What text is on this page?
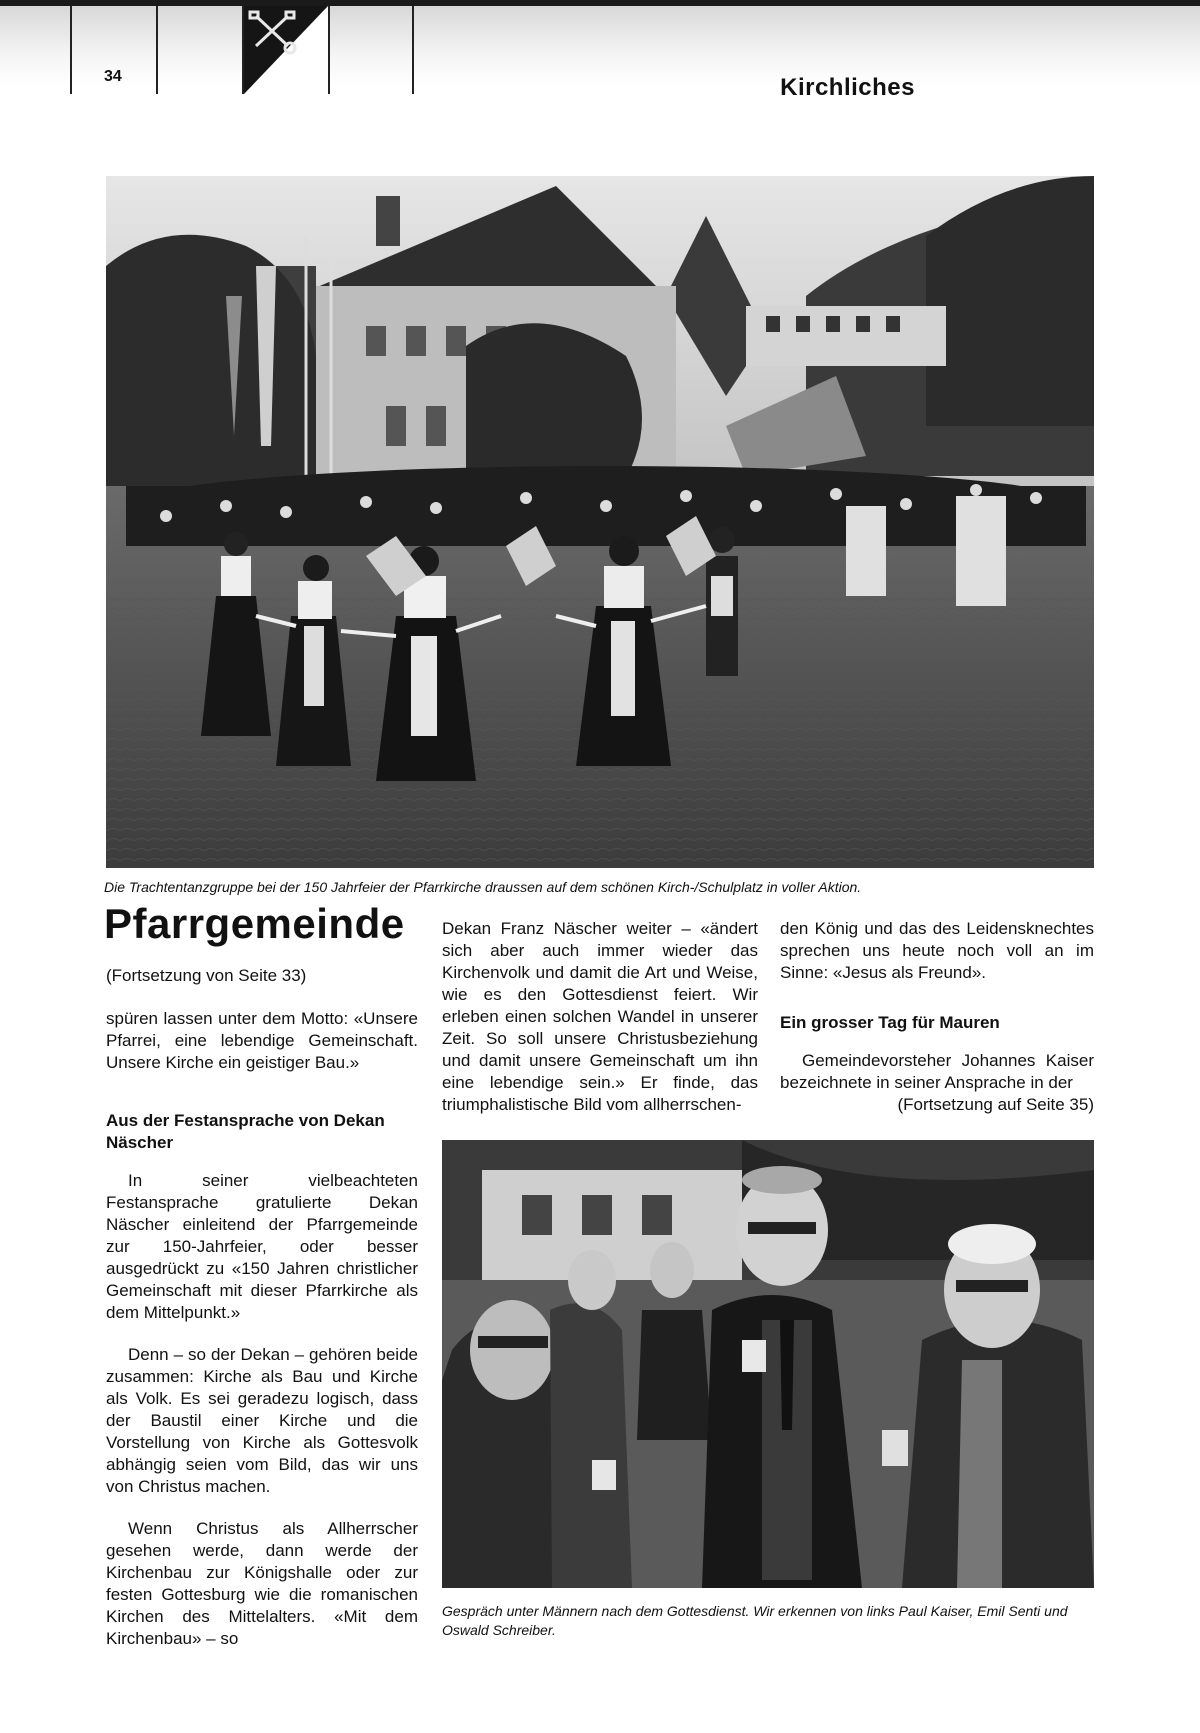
34	Kirchliches
Die Trachtentanzgruppe bei der 150 Jahrfeier der Pfarrkirche draussen auf dem schönen Kirch-/Schulplatz in voller Aktion.
Pfarrgemeinde
(Fortsetzung von Seite 33)

spüren lassen unter dem Motto: «Unsere Pfarrei, eine lebendige Gemeinschaft. Unsere Kirche ein geistiger Bau.»

Aus der Festansprache von Dekan Näscher

In seiner vielbeachteten Festansprache gratulierte Dekan Näscher einleitend der Pfarrgemeinde zur 150-Jahrfeier, oder besser ausgedrückt zu «150 Jahren christlicher Gemeinschaft mit dieser Pfarrkirche als dem Mittelpunkt.»

Denn – so der Dekan – gehören beide zusammen: Kirche als Bau und Kirche als Volk. Es sei geradezu logisch, dass der Baustil einer Kirche und die Vorstellung von Kirche als Gottesvolk abhängig seien vom Bild, das wir uns von Christus machen.

Wenn Christus als Allherrscher gesehen werde, dann werde der Kirchenbau zur Königshalle oder zur festen Gottesburg wie die romanischen Kirchen des Mittelalters. «Mit dem Kirchenbau» – so

Dekan Franz Näscher weiter – «ändert sich aber auch immer wieder das Kirchenvolk und damit die Art und Weise, wie es den Gottesdienst feiert. Wir erleben einen solchen Wandel in unserer Zeit. So soll unsere Christusbeziehung und damit unsere Gemeinschaft um ihn eine lebendige sein.» Er finde, das triumphalistische Bild vom allherrschen-

den König und das des Leidensknechtes sprechen uns heute noch voll an im Sinne: «Jesus als Freund».

Ein grosser Tag für Mauren

Gemeindevorsteher Johannes Kaiser bezeichnete in seiner Ansprache in der

(Fortsetzung auf Seite 35)
Gespräch unter Männern nach dem Gottesdienst. Wir erkennen von links Paul Kaiser, Emil Senti und Oswald Schreiber.
